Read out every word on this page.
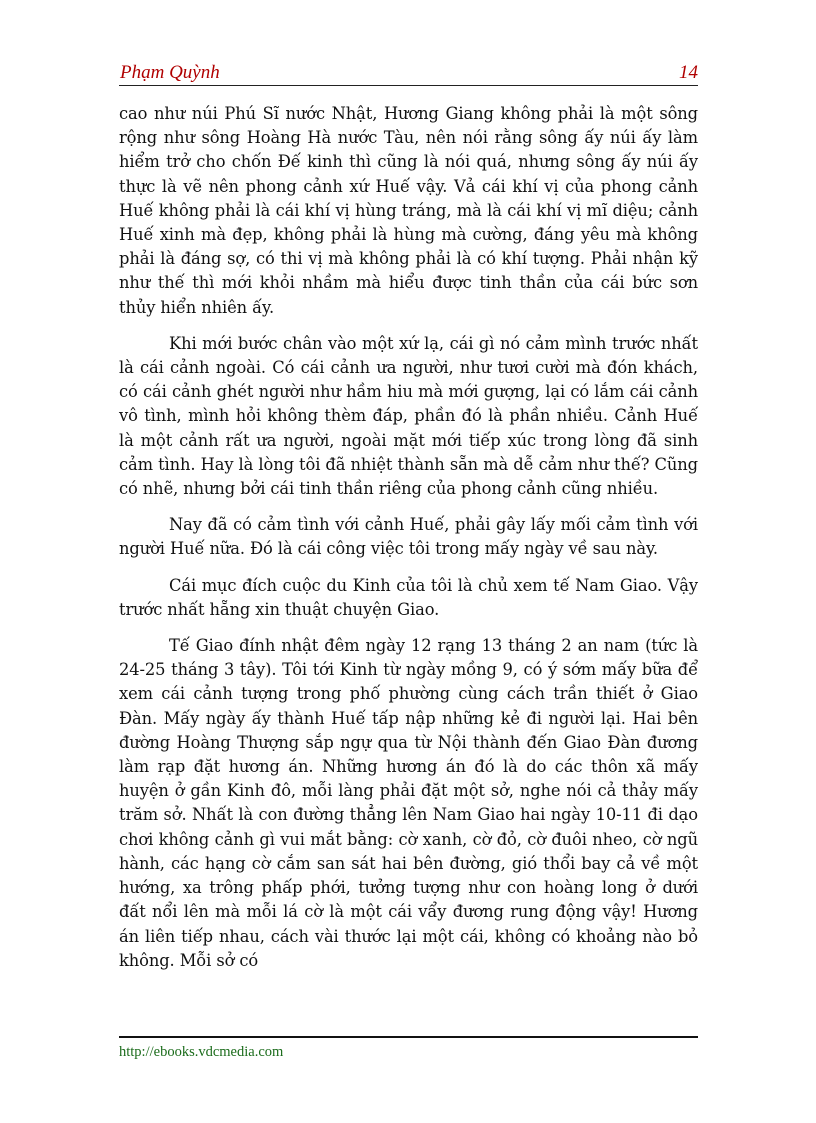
Phạm Quỳnh	14

cao như núi Phú Sĩ nước Nhật, Hương Giang không phải là một sông rộng như sông Hoàng Hà nước Tàu, nên nói rằng sông ấy núi ấy làm hiểm trở cho chốn Đế kinh thì cũng là nói quá, nhưng sông ấy núi ấy thực là vẽ nên phong cảnh xứ Huế vậy. Vả cái khí vị của phong cảnh Huế không phải là cái khí vị hùng tráng, mà là cái khí vị mĩ diệu; cảnh Huế xinh mà đẹp, không phải là hùng mà cường, đáng yêu mà không phải là đáng sợ, có thi vị mà không phải là có khí tượng. Phải nhận kỹ như thế thì mới khỏi nhầm mà hiểu được tinh thần của cái bức sơn thủy hiển nhiên ấy.

Khi mới bước chân vào một xứ lạ, cái gì nó cảm mình trước nhất là cái cảnh ngoài. Có cái cảnh ưa người, như tươi cười mà đón khách, có cái cảnh ghét người như hầm hiu mà mới gượng, lại có lắm cái cảnh vô tình, mình hỏi không thèm đáp, phần đó là phần nhiều. Cảnh Huế là một cảnh rất ưa người, ngoài mặt mới tiếp xúc trong lòng đã sinh cảm tình. Hay là lòng tôi đã nhiệt thành sẵn mà dễ cảm như thế? Cũng có nhẽ, nhưng bởi cái tinh thần riêng của phong cảnh cũng nhiều.

Nay đã có cảm tình với cảnh Huế, phải gây lấy mối cảm tình với người Huế nữa. Đó là cái công việc tôi trong mấy ngày về sau này.

Cái mục đích cuộc du Kinh của tôi là chủ xem tế Nam Giao. Vậy trước nhất hẵng xin thuật chuyện Giao.

Tế Giao đính nhật đêm ngày 12 rạng 13 tháng 2 an nam (tức là 24-25 tháng 3 tây). Tôi tới Kinh từ ngày mồng 9, có ý sớm mấy bữa để xem cái cảnh tượng trong phố phường cùng cách trần thiết ở Giao Đàn. Mấy ngày ấy thành Huế tấp nập những kẻ đi người lại. Hai bên đường Hoàng Thượng sắp ngự qua từ Nội thành đến Giao Đàn đương làm rạp đặt hương án. Những hương án đó là do các thôn xã mấy huyện ở gần Kinh đô, mỗi làng phải đặt một sở, nghe nói cả thảy mấy trăm sở. Nhất là con đường thẳng lên Nam Giao hai ngày 10-11 đi dạo chơi không cảnh gì vui mắt bằng: cờ xanh, cờ đỏ, cờ đuôi nheo, cờ ngũ hành, các hạng cờ cắm san sát hai bên đường, gió thổi bay cả về một hướng, xa trông phấp phới, tưởng tượng như con hoàng long ở dưới đất nổi lên mà mỗi lá cờ là một cái vẩy đương rung động vậy! Hương án liên tiếp nhau, cách vài thước lại một cái, không có khoảng nào bỏ không. Mỗi sở có

http://ebooks.vdcmedia.com
